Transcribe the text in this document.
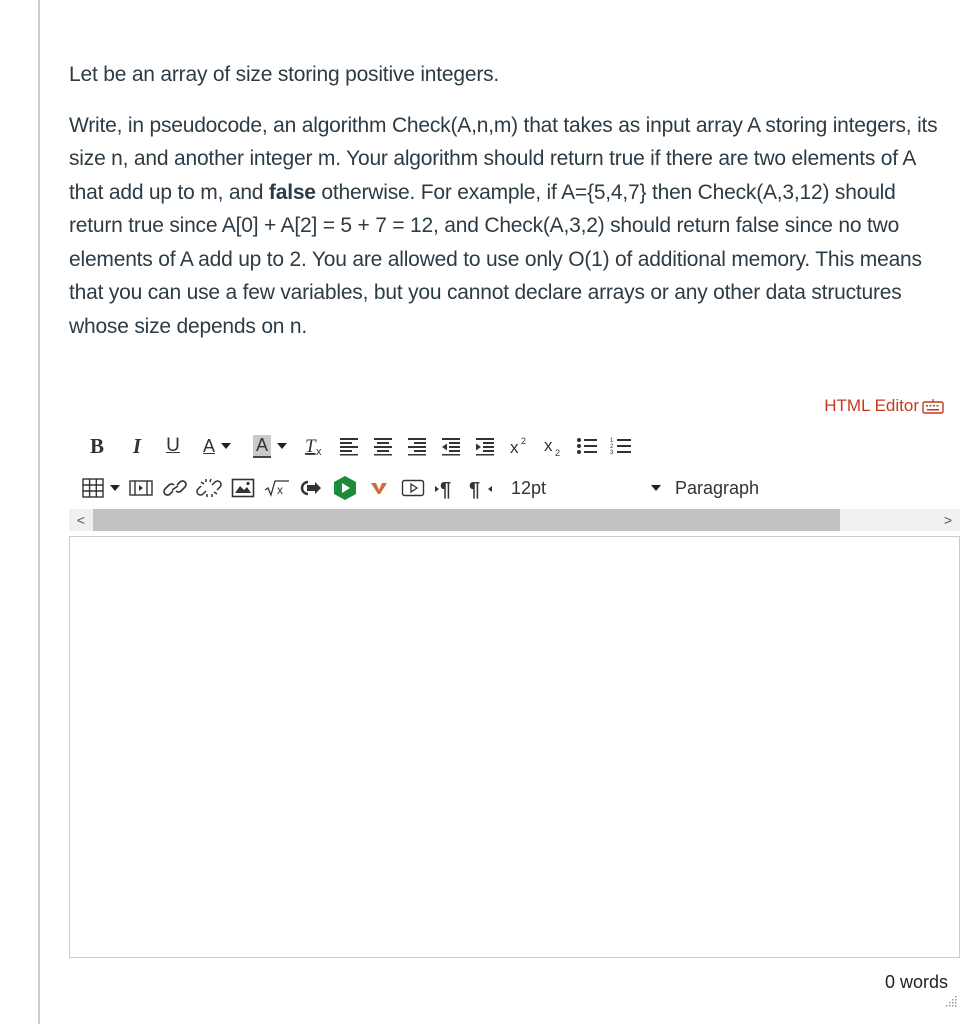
Let be an array of size storing positive integers.

Write, in pseudocode, an algorithm Check(A,n,m) that takes as input array A storing integers, its size n, and another integer m. Your algorithm should return true if there are two elements of A that add up to m, and false otherwise. For example, if A={5,4,7} then Check(A,3,12) should return true since A[0] + A[2] = 5 + 7 = 12, and Check(A,3,2) should return false since no two elements of A add up to 2. You are allowed to use only O(1) of additional memory. This means that you can use a few variables, but you cannot declare arrays or any other data structures whose size depends on n.

HTML Editor
B	I	U	A A T x	x 2 x 2
1
2
3
x	¶ ¶ 12pt	Paragraph
<	>
0 words
